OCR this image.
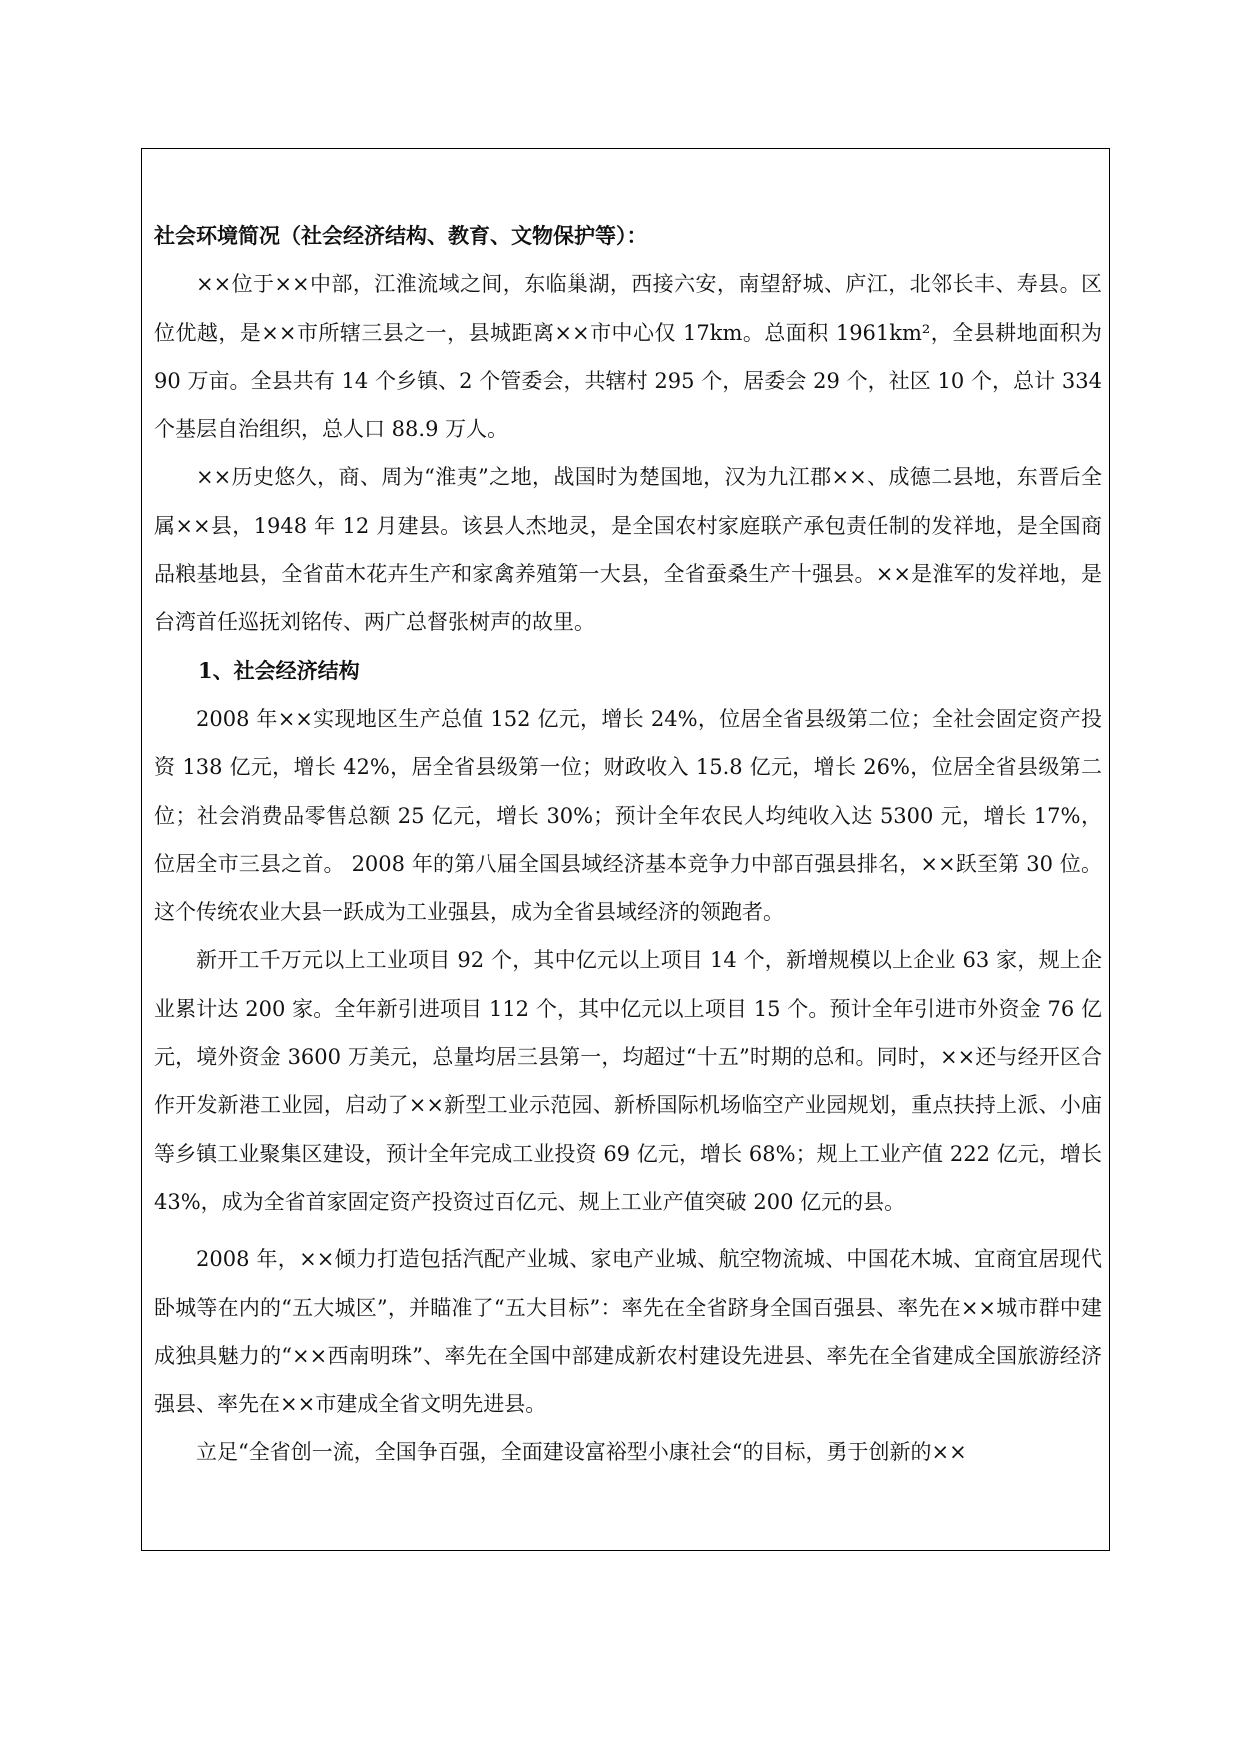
社会环境简况（社会经济结构、教育、文物保护等）：

××位于××中部，江淮流域之间，东临巢湖，西接六安，南望舒城、庐江，北邻长丰、寿县。区位优越，是××市所辖三县之一，县城距离××市中心仅 17km。总面积 1961km²，全县耕地面积为 90 万亩。全县共有 14 个乡镇、2 个管委会，共辖村 295 个，居委会 29 个，社区 10 个，总计 334 个基层自治组织，总人口 88.9 万人。

××历史悠久，商、周为“淮夷”之地，战国时为楚国地，汉为九江郡××、成德二县地，东晋后全属××县，1948 年 12 月建县。该县人杰地灵，是全国农村家庭联产承包责任制的发祥地，是全国商品粮基地县，全省苗木花卉生产和家禽养殖第一大县，全省蚕桑生产十强县。××是淮军的发祥地，是台湾首任巡抚刘铭传、两广总督张树声的故里。

1、社会经济结构

2008 年××实现地区生产总值 152 亿元，增长 24%，位居全省县级第二位；全社会固定资产投资 138 亿元，增长 42%，居全省县级第一位；财政收入 15.8 亿元，增长 26%，位居全省县级第二位；社会消费品零售总额 25 亿元，增长 30%；预计全年农民人均纯收入达 5300 元，增长 17%，位居全市三县之首。 2008 年的第八届全国县域经济基本竞争力中部百强县排名，××跃至第 30 位。这个传统农业大县一跃成为工业强县，成为全省县域经济的领跑者。

新开工千万元以上工业项目 92 个，其中亿元以上项目 14 个，新增规模以上企业 63 家，规上企业累计达 200 家。全年新引进项目 112 个，其中亿元以上项目 15 个。预计全年引进市外资金 76 亿元，境外资金 3600 万美元，总量均居三县第一，均超过“十五”时期的总和。同时，××还与经开区合作开发新港工业园，启动了××新型工业示范园、新桥国际机场临空产业园规划，重点扶持上派、小庙等乡镇工业聚集区建设，预计全年完成工业投资 69 亿元，增长 68%；规上工业产值 222 亿元，增长 43%，成为全省首家固定资产投资过百亿元、规上工业产值突破 200 亿元的县。

2008 年，××倾力打造包括汽配产业城、家电产业城、航空物流城、中国花木城、宜商宜居现代卧城等在内的“五大城区”，并瞄准了“五大目标”：率先在全省跻身全国百强县、率先在××城市群中建成独具魅力的“××西南明珠”、率先在全国中部建成新农村建设先进县、率先在全省建成全国旅游经济强县、率先在××市建成全省文明先进县。

立足“全省创一流，全国争百强，全面建设富裕型小康社会“的目标，勇于创新的××
